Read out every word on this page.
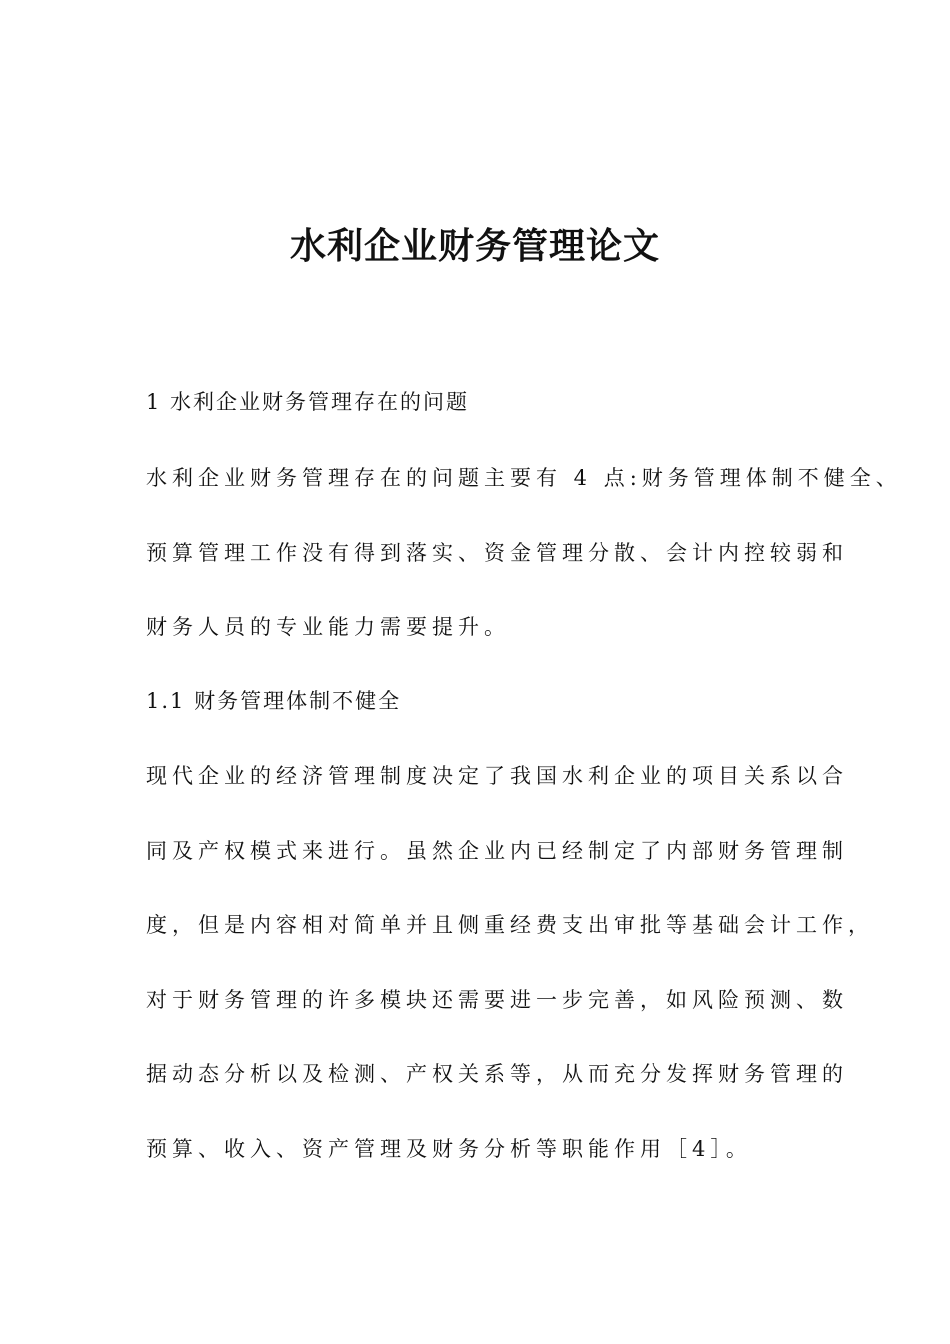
水利企业财务管理论文

1 水利企业财务管理存在的问题

水利企业财务管理存在的问题主要有 4 点:财务管理体制不健全、

预算管理工作没有得到落实、资金管理分散、会计内控较弱和

财务人员的专业能力需要提升。

1.1 财务管理体制不健全

现代企业的经济管理制度决定了我国水利企业的项目关系以合

同及产权模式来进行。虽然企业内已经制定了内部财务管理制

度，但是内容相对简单并且侧重经费支出审批等基础会计工作，

对于财务管理的许多模块还需要进一步完善，如风险预测、数

据动态分析以及检测、产权关系等，从而充分发挥财务管理的

预算、收入、资产管理及财务分析等职能作用［4］。
